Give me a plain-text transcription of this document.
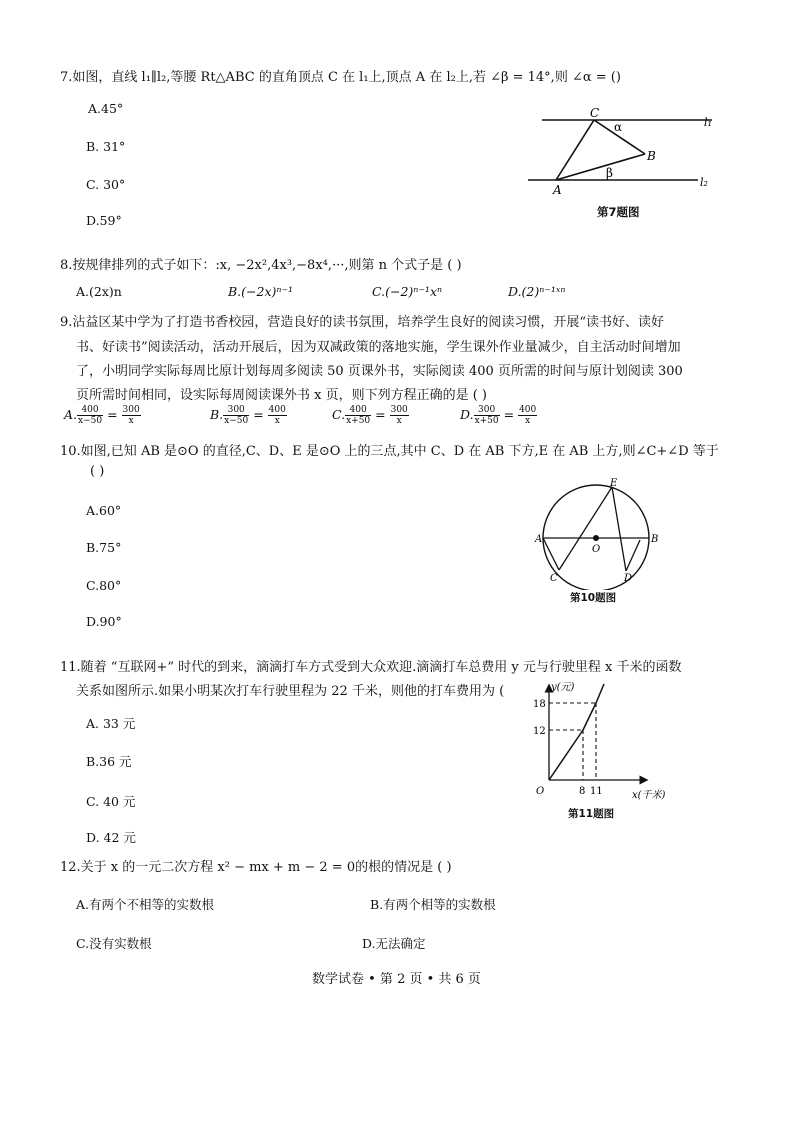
7.如图，直线 l₁∥l₂,等腰 Rt△ABC 的直角顶点 C 在 l₁上,顶点 A 在 l₂上,若 ∠β = 14°,则 ∠α = ()
A.45°
B. 31°
C. 30°
D.59°
C
α
B
β
A
l₁
l₂
第7题图
8.按规律排列的式子如下：:x, −2x²,4x³,−8x⁴,···,则第 n 个式子是 ( )
A.(2x)n	B.(−2x)ⁿ⁻¹	C.(−2)ⁿ⁻¹xⁿ	D.(2)ⁿ⁻¹ˣⁿ
9.沾益区某中学为了打造书香校园，营造良好的读书氛围，培养学生良好的阅读习惯，开展“读书好、读好
书、好读书”阅读活动，活动开展后，因为双减政策的落地实施，学生课外作业量减少，自主活动时间增加
了，小明同学实际每周比原计划每周多阅读 50 页课外书，实际阅读 400 页所需的时间与原计划阅读 300
页所需时间相同，设实际每周阅读课外书 x 页，则下列方程正确的是 ( )
A. $\frac{400}{x-50} = \frac{300}{x}$	B. $\frac{300}{x-50} = \frac{400}{x}$	C. $\frac{400}{x+50} = \frac{300}{x}$	D. $\frac{300}{x+50} = \frac{400}{x}$
10.如图,已知 AB 是⊙O 的直径,C、D、E 是⊙O 上的三点,其中 C、D 在 AB 下方,E 在 AB 上方,则∠C+∠D 等于
( )
A.60°
B.75°
C.80°
D.90°
E
A	B
O
C	D
第10题图
11.随着 “互联网+” 时代的到来，滴滴打车方式受到大众欢迎.滴滴打车总费用 y 元与行驶里程 x 千米的函数
关系如图所示.如果小明某次打车行驶里程为 22 千米，则他的打车费用为 (
A. 33 元
B.36 元
C. 40 元
D. 42 元
y(元)
x(千米)
O
18
12
8 11
第11题图
12.关于 x 的一元二次方程 x² − mx + m − 2 = 0的根的情况是 ( )
A.有两个不相等的实数根	B.有两个相等的实数根
C.没有实数根	D.无法确定
数学试卷 • 第 2 页 • 共 6 页
